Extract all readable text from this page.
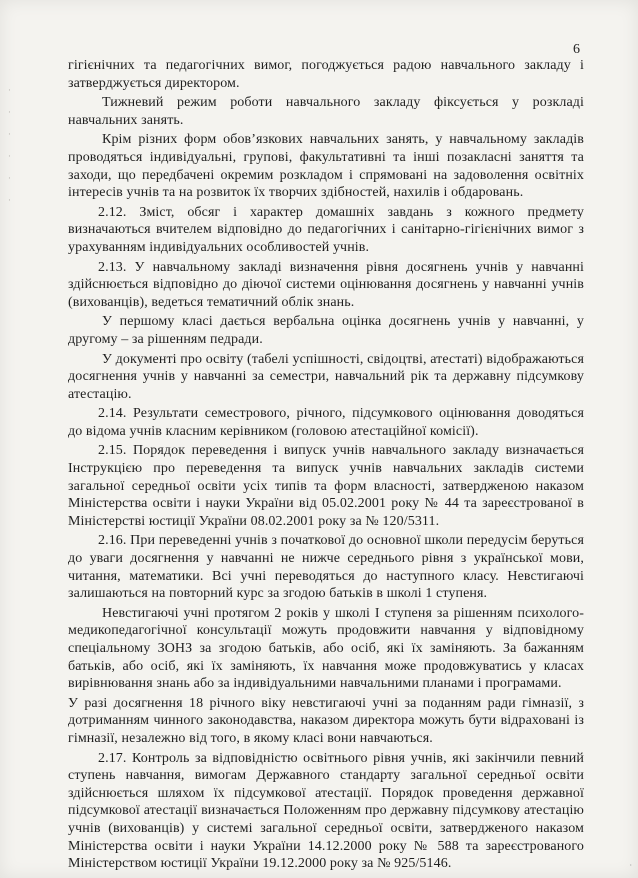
6
·
·
·
·
·
·

гігієнічних та педагогічних вимог, погоджується радою навчального закладу і затверджується директором.

Тижневий режим роботи навчального закладу фіксується у розкладі навчальних занять.

Крім різних форм обов’язкових навчальних занять, у навчальному закладів проводяться індивідуальні, групові, факультативні та інші позакласні заняття та заходи, що передбачені окремим розкладом і спрямовані на задоволення освітніх інтересів учнів та на розвиток їх творчих здібностей, нахилів і обдаровань.

2.12. Зміст, обсяг і характер домашніх завдань з кожного предмету визначаються вчителем відповідно до педагогічних і санітарно-гігієнічних вимог з урахуванням індивідуальних особливостей учнів.

2.13. У навчальному закладі визначення рівня досягнень учнів у навчанні здійснюється відповідно до діючої системи оцінювання досягнень у навчанні учнів (вихованців), ведеться тематичний облік знань.

У першому класі дається вербальна оцінка досягнень учнів у навчанні, у другому – за рішенням педради.

У документі про освіту (табелі успішності, свідоцтві, атестаті) відображаються досягнення учнів у навчанні за семестри, навчальний рік та державну підсумкову атестацію.

2.14. Результати семестрового, річного, підсумкового оцінювання доводяться до відома учнів класним керівником (головою атестаційної комісії).

2.15. Порядок переведення і випуск учнів навчального закладу визначається Інструкцією про переведення та випуск учнів навчальних закладів системи загальної середньої освіти усіх типів та форм власності, затвердженою наказом Міністерства освіти і науки України від 05.02.2001 року № 44 та зареєстрованої в Міністерстві юстиції України 08.02.2001 року за № 120/5311.

2.16. При переведенні учнів з початкової до основної школи передусім беруться до уваги досягнення у навчанні не нижче середнього рівня з української мови, читання, математики. Всі учні переводяться до наступного класу. Невстигаючі залишаються на повторний курс за згодою батьків в школі 1 ступеня.

Невстигаючі учні протягом 2 років у школі І ступеня за рішенням психолого-медикопедагогічної консультації можуть продовжити навчання у відповідному спеціальному ЗОНЗ за згодою батьків, або осіб, які їх заміняють. За бажанням батьків, або осіб, які їх заміняють, їх навчання може продовжуватись у класах вирівнювання знань або за індивідуальними навчальними планами і програмами.

У разі досягнення 18 річного віку невстигаючі учні за поданням ради гімназії, з дотриманням чинного законодавства, наказом директора можуть бути відраховані із гімназії, незалежно від того, в якому класі вони навчаються.

2.17. Контроль за відповідністю освітнього рівня учнів, які закінчили певний ступень навчання, вимогам Державного стандарту загальної середньої освіти здійснюється шляхом їх підсумкової атестації. Порядок проведення державної підсумкової атестації визначається Положенням про державну підсумкову атестацію учнів (вихованців) у системі загальної середньої освіти, затвердженого наказом Міністерства освіти і науки України 14.12.2000 року № 588 та зареєстрованого Міністерством юстиції України 19.12.2000 року за № 925/5146.	·
